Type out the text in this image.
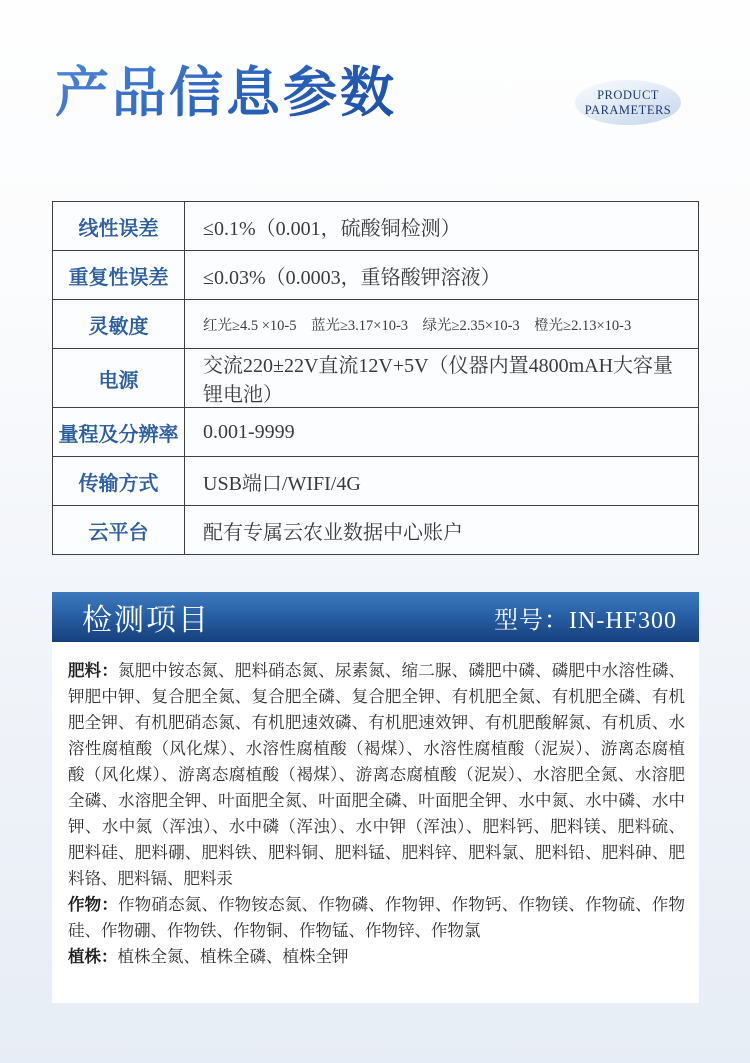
产品信息参数	PRODUCT
PARAMETERS
线性误差	≤0.1%（0.001，硫酸铜检测）
重复性误差	≤0.03%（0.0003，重铬酸钾溶液）
灵敏度	红光≥4.5 ×10-5　蓝光≥3.17×10-3　绿光≥2.35×10-3　橙光≥2.13×10-3
电源	交流220±22V直流12V+5V（仪器内置4800mAH大容量锂电池）
量程及分辨率	0.001-9999
传输方式	USB端口/WIFI/4G
云平台	配有专属云农业数据中心账户
检测项目	型号：IN-HF300

肥料：氮肥中铵态氮、肥料硝态氮、尿素氮、缩二脲、磷肥中磷、磷肥中水溶性磷、钾肥中钾、复合肥全氮、复合肥全磷、复合肥全钾、有机肥全氮、有机肥全磷、有机肥全钾、有机肥硝态氮、有机肥速效磷、有机肥速效钾、有机肥酸解氮、有机质、水溶性腐植酸（风化煤）、水溶性腐植酸（褐煤）、水溶性腐植酸（泥炭）、游离态腐植酸（风化煤）、游离态腐植酸（褐煤）、游离态腐植酸（泥炭）、水溶肥全氮、水溶肥全磷、水溶肥全钾、叶面肥全氮、叶面肥全磷、叶面肥全钾、水中氮、水中磷、水中钾、水中氮（浑浊）、水中磷（浑浊）、水中钾（浑浊）、肥料钙、肥料镁、肥料硫、肥料硅、肥料硼、肥料铁、肥料铜、肥料锰、肥料锌、肥料氯、肥料铅、肥料砷、肥料铬、肥料镉、肥料汞

作物：作物硝态氮、作物铵态氮、作物磷、作物钾、作物钙、作物镁、作物硫、作物硅、作物硼、作物铁、作物铜、作物锰、作物锌、作物氯

植株：植株全氮、植株全磷、植株全钾
